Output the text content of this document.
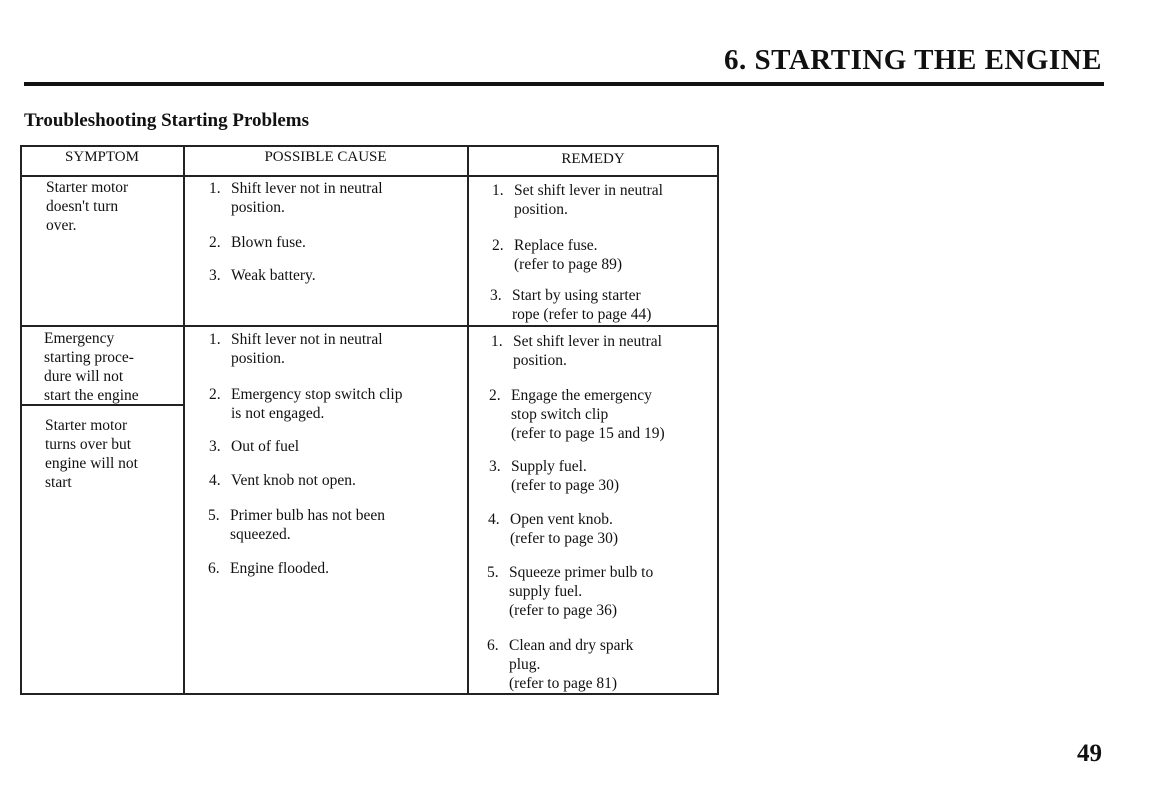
6. STARTING THE ENGINE
Troubleshooting Starting Problems
SYMPTOM	POSSIBLE CAUSE	REMEDY
Starter motor
doesn't turn
over.
1. Shift lever not in neutral
position.
2. Blown fuse.
3. Weak battery.
1. Set shift lever in neutral
position.
2. Replace fuse.
(refer to page 89)
3. Start by using starter
rope (refer to page 44)
Emergency
starting proce-
dure will not
start the engine
Starter motor
turns over but
engine will not
start
1. Shift lever not in neutral
position.
2. Emergency stop switch clip
is not engaged.
3. Out of fuel
4. Vent knob not open.
5. Primer bulb has not been
squeezed.
6. Engine flooded.
1. Set shift lever in neutral
position.
2. Engage the emergency
stop switch clip
(refer to page 15 and 19)
3. Supply fuel.
(refer to page 30)
4. Open vent knob.
(refer to page 30)
5. Squeeze primer bulb to
supply fuel.
(refer to page 36)
6. Clean and dry spark
plug.
(refer to page 81)
49
